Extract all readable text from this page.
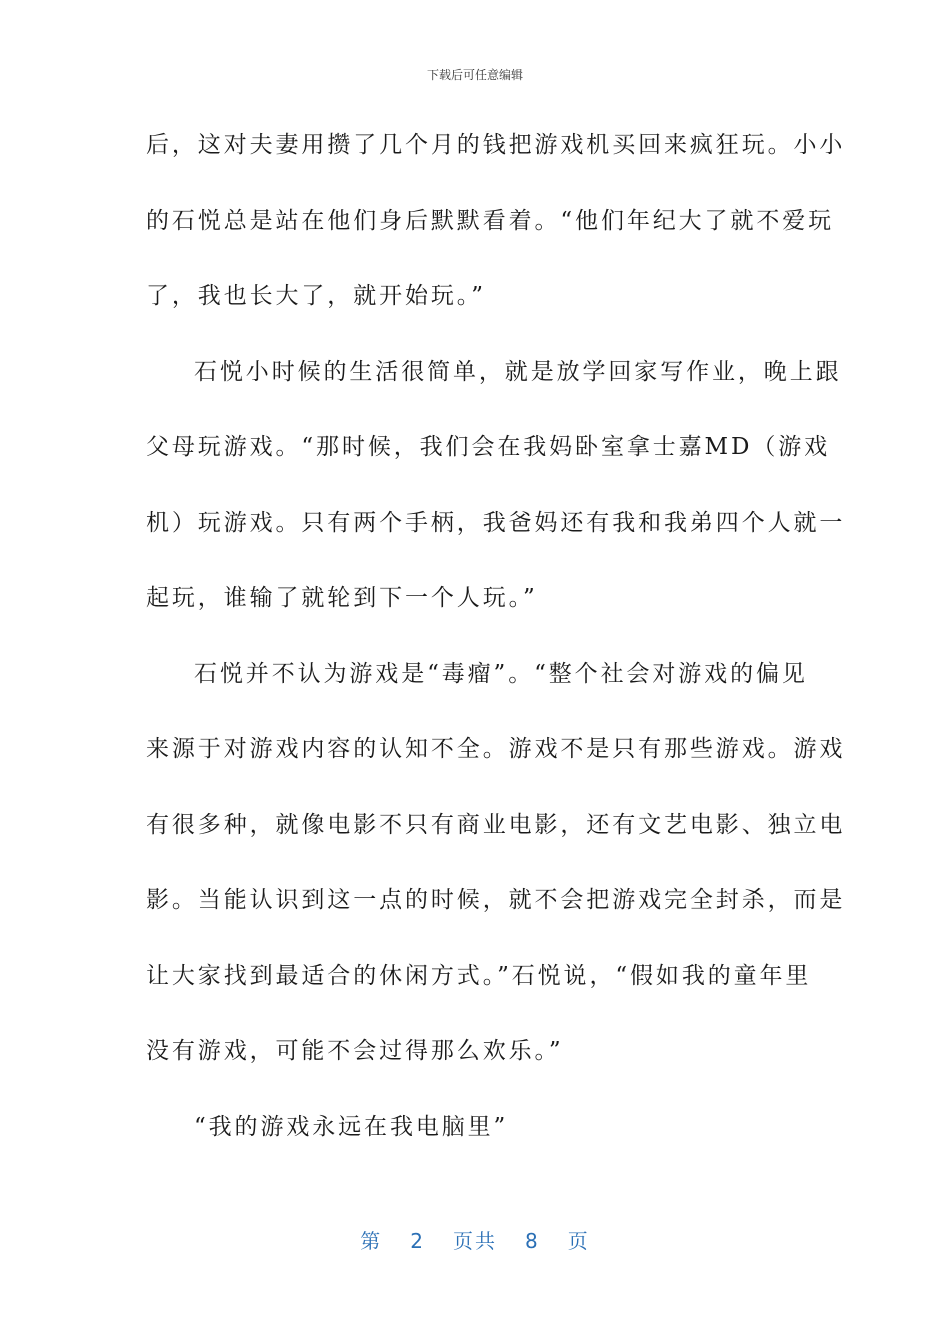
下载后可任意编辑
后，这对夫妻用攒了几个月的钱把游戏机买回来疯狂玩。小小
的石悦总是站在他们身后默默看着。“他们年纪大了就不爱玩
了，我也长大了，就开始玩。”
石悦小时候的生活很简单，就是放学回家写作业，晚上跟
父母玩游戏。“那时候，我们会在我妈卧室拿士嘉MD（游戏
机）玩游戏。只有两个手柄，我爸妈还有我和我弟四个人就一
起玩，谁输了就轮到下一个人玩。”
石悦并不认为游戏是“毒瘤”。“整个社会对游戏的偏见
来源于对游戏内容的认知不全。游戏不是只有那些游戏。游戏
有很多种，就像电影不只有商业电影，还有文艺电影、独立电
影。当能认识到这一点的时候，就不会把游戏完全封杀，而是
让大家找到最适合的休闲方式。”石悦说，“假如我的童年里
没有游戏，可能不会过得那么欢乐。”
“我的游戏永远在我电脑里”
第 2 页共 8 页
